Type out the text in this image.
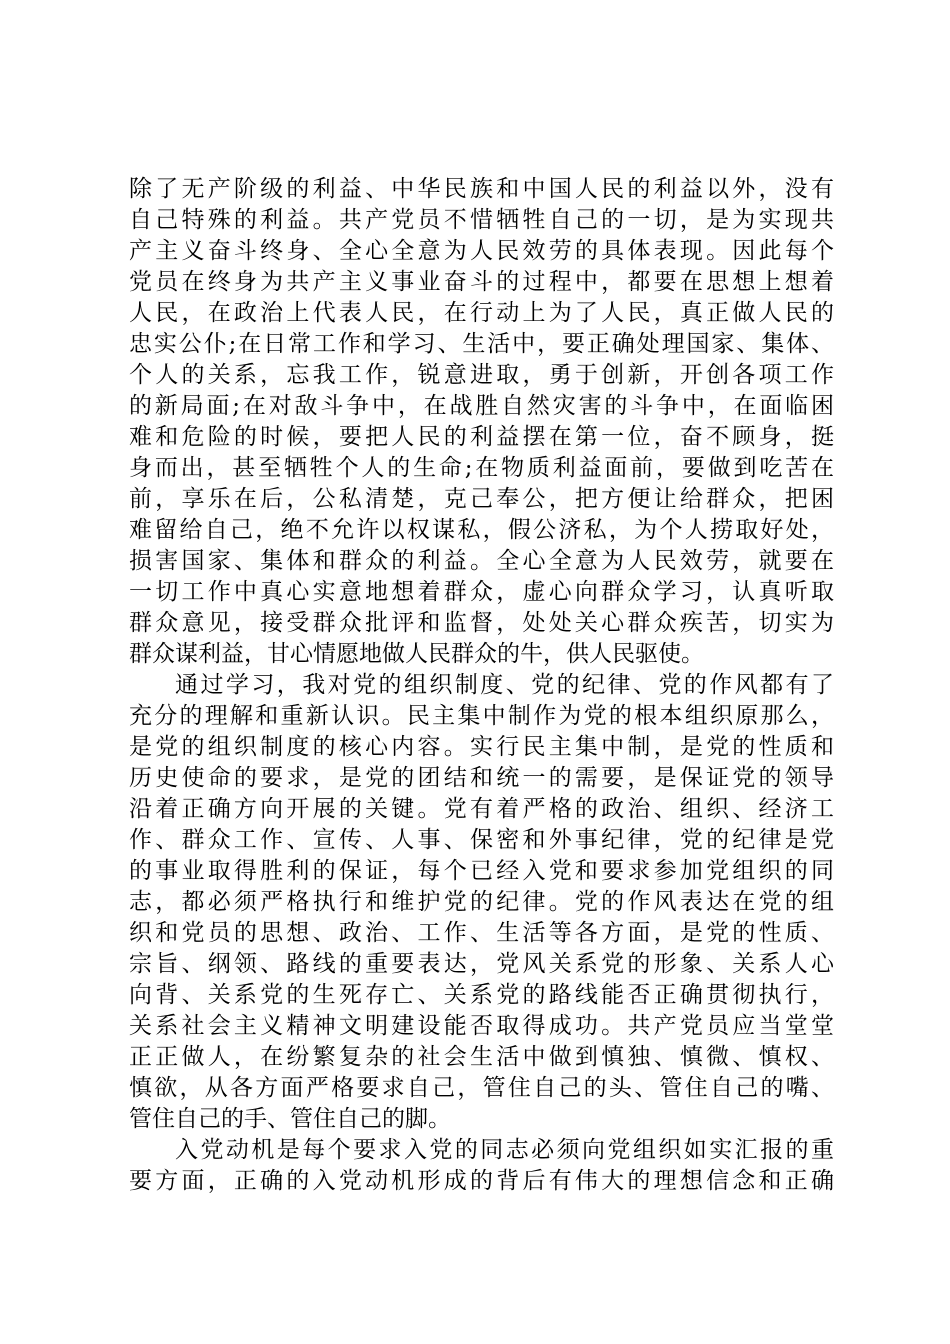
除了无产阶级的利益、中华民族和中国人民的利益以外，没有
自己特殊的利益。共产党员不惜牺牲自己的一切，是为实现共
产主义奋斗终身、全心全意为人民效劳的具体表现。因此每个
党员在终身为共产主义事业奋斗的过程中，都要在思想上想着
人民，在政治上代表人民，在行动上为了人民，真正做人民的
忠实公仆;在日常工作和学习、生活中，要正确处理国家、集体、
个人的关系，忘我工作，锐意进取，勇于创新，开创各项工作
的新局面;在对敌斗争中，在战胜自然灾害的斗争中，在面临困
难和危险的时候，要把人民的利益摆在第一位，奋不顾身，挺
身而出，甚至牺牲个人的生命;在物质利益面前，要做到吃苦在
前，享乐在后，公私清楚，克己奉公，把方便让给群众，把困
难留给自己，绝不允许以权谋私，假公济私，为个人捞取好处，
损害国家、集体和群众的利益。全心全意为人民效劳，就要在
一切工作中真心实意地想着群众，虚心向群众学习，认真听取
群众意见，接受群众批评和监督，处处关心群众疾苦，切实为
群众谋利益，甘心情愿地做人民群众的牛，供人民驱使。
通过学习，我对党的组织制度、党的纪律、党的作风都有了
充分的理解和重新认识。民主集中制作为党的根本组织原那么，
是党的组织制度的核心内容。实行民主集中制，是党的性质和
历史使命的要求，是党的团结和统一的需要，是保证党的领导
沿着正确方向开展的关键。党有着严格的政治、组织、经济工
作、群众工作、宣传、人事、保密和外事纪律，党的纪律是党
的事业取得胜利的保证，每个已经入党和要求参加党组织的同
志，都必须严格执行和维护党的纪律。党的作风表达在党的组
织和党员的思想、政治、工作、生活等各方面，是党的性质、
宗旨、纲领、路线的重要表达，党风关系党的形象、关系人心
向背、关系党的生死存亡、关系党的路线能否正确贯彻执行，
关系社会主义精神文明建设能否取得成功。共产党员应当堂堂
正正做人，在纷繁复杂的社会生活中做到慎独、慎微、慎权、
慎欲，从各方面严格要求自己，管住自己的头、管住自己的嘴、
管住自己的手、管住自己的脚。
入党动机是每个要求入党的同志必须向党组织如实汇报的重
要方面，正确的入党动机形成的背后有伟大的理想信念和正确
